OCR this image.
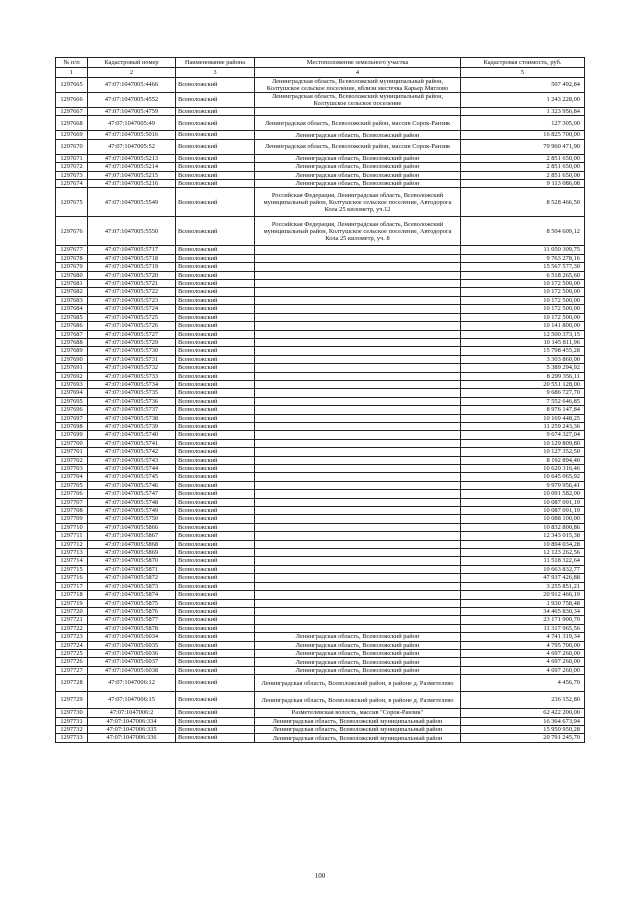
№ п/п	Кадастровый номер	Наименование района	Местоположение земельного участка	Кадастровая стоимость, руб.
1	2	3	4	5
1297665	47:07:1047005:4466	Всеволожский	Ленинградская область, Всеволожский муниципальный район, Колтушское сельское поселение, вблизи местечка Карьер Мяглово	507 492,84
1297666	47:07:1047005:4552	Всеволожский	Ленинградская область, Всеволожский муниципальный район, Колтушское сельское поселение	1 243 228,00
1297667	47:07:1047005:4759	Всеволожский		1 323 956,84
1297668	47:07:1047005:49	Всеволожский	Ленинградская область, Всеволожский район, массив Сорок-Ранзик	127 305,00
1297669	47:07:1047005:5016	Всеволожский	Ленинградская область, Всеволожский район	16 825 700,00
1297670	47:07:1047005:52	Всеволожский	Ленинградская область, Всеволожский район, массив Сорок-Ранзик	79 960 471,90
1297671	47:07:1047005:5213	Всеволожский	Ленинградская область, Всеволожский район	2 851 650,00
1297672	47:07:1047005:5214	Всеволожский	Ленинградская область, Всеволожский район	2 851 650,00
1297673	47:07:1047005:5215	Всеволожский	Ленинградская область, Всеволожский район	2 851 650,00
1297674	47:07:1047005:5216	Всеволожский	Ленинградская область, Всеволожский район	9 113 086,08
1297675	47:07:1047005:5549	Всеволожский	Российская Федерация, Ленинградская область, Всеволожский муниципальный район, Колтушское сельское поселение, Автодорога Кола 25 километр, уч.12	8 528 466,50
1297676	47:07:1047005:5550	Всеволожский	Российская Федерация, Ленинградская область, Всеволожский муниципальный район, Колтушское сельское поселение, Автодорога Кола 25 километр, уч. 8	8 504 609,12
1297677	47:07:1047005:5717	Всеволожский		11 050 309,75
1297678	47:07:1047005:5718	Всеволожский		9 763 278,16
1297679	47:07:1047005:5719	Всеволожский		15 567 577,30
1297680	47:07:1047005:5720	Всеволожский		6 518 265,60
1297681	47:07:1047005:5721	Всеволожский		10 172 500,00
1297682	47:07:1047005:5722	Всеволожский		10 172 500,00
1297683	47:07:1047005:5723	Всеволожский		10 172 500,00
1297684	47:07:1047005:5724	Всеволожский		10 172 500,00
1297685	47:07:1047005:5725	Всеволожский		10 172 500,00
1297686	47:07:1047005:5726	Всеволожский		10 141 800,00
1297687	47:07:1047005:5727	Всеволожский		12 500 373,15
1297688	47:07:1047005:5729	Всеволожский		10 145 811,96
1297689	47:07:1047005:5730	Всеволожский		15 798 455,28
1297690	47:07:1047005:5731	Всеволожский		3 303 860,00
1297691	47:07:1047005:5732	Всеволожский		5 389 294,92
1297692	47:07:1047005:5733	Всеволожский		8 299 356,11
1297693	47:07:1047005:5734	Всеволожский		20 551 128,00
1297694	47:07:1047005:5735	Всеволожский		9 686 727,70
1297695	47:07:1047005:5736	Всеволожский		7 552 646,85
1297696	47:07:1047005:5737	Всеволожский		8 976 147,84
1297697	47:07:1047005:5738	Всеволожский		10 169 448,25
1297698	47:07:1047005:5739	Всеволожский		11 259 243,36
1297699	47:07:1047005:5740	Всеволожский		9 674 327,04
1297700	47:07:1047005:5741	Всеволожский		10 129 809,80
1297701	47:07:1047005:5742	Всеволожский		10 127 352,50
1297702	47:07:1047005:5743	Всеволожский		8 192 894,40
1297703	47:07:1047005:5744	Всеволожский		10 620 316,46
1297704	47:07:1047005:5745	Всеволожский		10 645 065,92
1297705	47:07:1047005:5746	Всеволожский		9 979 956,41
1297706	47:07:1047005:5747	Всеволожский		10 091 582,00
1297707	47:07:1047005:5748	Всеволожский		10 087 091,19
1297708	47:07:1047005:5749	Всеволожский		10 087 091,19
1297709	47:07:1047005:5750	Всеволожский		10 088 100,00
1297710	47:07:1047005:5866	Всеволожский		10 832 800,86
1297711	47:07:1047005:5867	Всеволожский		12 343 015,38
1297712	47:07:1047005:5868	Всеволожский		10 894 034,28
1297713	47:07:1047005:5869	Всеволожский		12 123 262,56
1297714	47:07:1047005:5870	Всеволожский		11 518 322,64
1297715	47:07:1047005:5871	Всеволожский		10 663 832,77
1297716	47:07:1047005:5872	Всеволожский		47 937 426,88
1297717	47:07:1047005:5873	Всеволожский		3 255 851,21
1297718	47:07:1047005:5874	Всеволожский		20 912 466,19
1297719	47:07:1047005:5875	Всеволожский		1 930 758,48
1297720	47:07:1047005:5876	Всеволожский		34 465 830,34
1297721	47:07:1047005:5877	Всеволожский		23 171 900,70
1297722	47:07:1047005:5878	Всеволожский		11 317 965,56
1297723	47:07:1047005:6034	Всеволожский	Ленинградская область, Всеволожский район	4 741 319,34
1297724	47:07:1047005:6035	Всеволожский	Ленинградская область, Всеволожский район	4 795 700,00
1297725	47:07:1047005:6036	Всеволожский	Ленинградская область, Всеволожский район	4 697 260,00
1297726	47:07:1047005:6037	Всеволожский	Ленинградская область, Всеволожский район	4 697 260,00
1297727	47:07:1047005:6038	Всеволожский	Ленинградская область, Всеволожский район	4 697 260,00
1297728	47:07:1047006:12	Всеволожский	Ленинградская область, Всеволожский район, в районе д. Разметелево	4 456,70
1297729	47:07:1047006:15	Всеволожский	Ленинградская область, Всеволожский район, в районе д. Разметелево	236 152,80
1297730	47:07:1047006:2	Всеволожский	Разметелевская волость, массив "Сорок-Ранзик"	62 422 200,00
1297731	47:07:1047006:334	Всеволожский	Ленинградская область, Всеволожский муниципальный район	16 364 673,94
1297732	47:07:1047006:335	Всеволожский	Ленинградская область, Всеволожский муниципальный район	15 950 950,28
1297733	47:07:1047006:336	Всеволожский	Ленинградская область, Всеволожский муниципальный район	20 791 245,70
100
